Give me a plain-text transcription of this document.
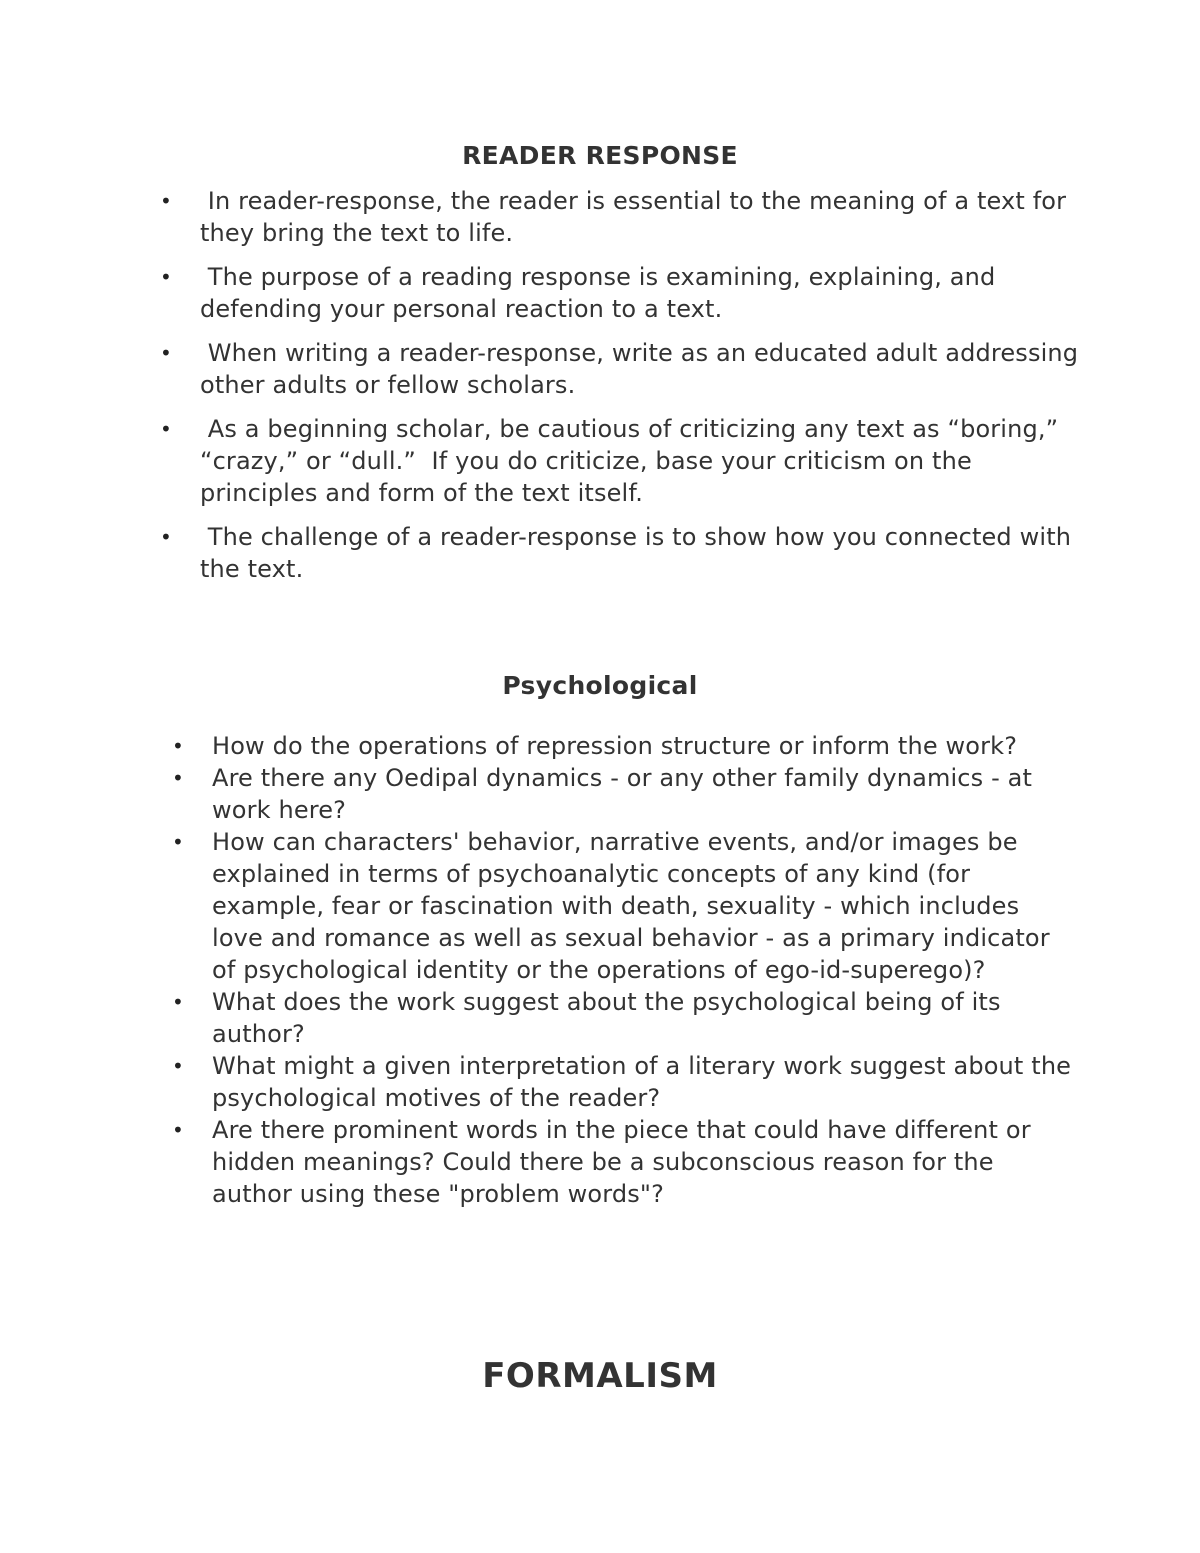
READER RESPONSE
• In reader-response, the reader is essential to the meaning of a text for they bring the text to life.
• The purpose of a reading response is examining, explaining, and defending your personal reaction to a text.
• When writing a reader-response, write as an educated adult addressing other adults or fellow scholars.
• As a beginning scholar, be cautious of criticizing any text as “boring,” “crazy,” or “dull.”  If you do criticize, base your criticism on the principles and form of the text itself.
• The challenge of a reader-response is to show how you connected with the text.
Psychological
• How do the operations of repression structure or inform the work?
• Are there any Oedipal dynamics - or any other family dynamics - at work here?
• How can characters' behavior, narrative events, and/or images be explained in terms of psychoanalytic concepts of any kind (for example, fear or fascination with death, sexuality - which includes love and romance as well as sexual behavior - as a primary indicator of psychological identity or the operations of ego-id-superego)?
• What does the work suggest about the psychological being of its author?
• What might a given interpretation of a literary work suggest about the psychological motives of the reader?
• Are there prominent words in the piece that could have different or hidden meanings? Could there be a subconscious reason for the author using these "problem words"?
FORMALISM
